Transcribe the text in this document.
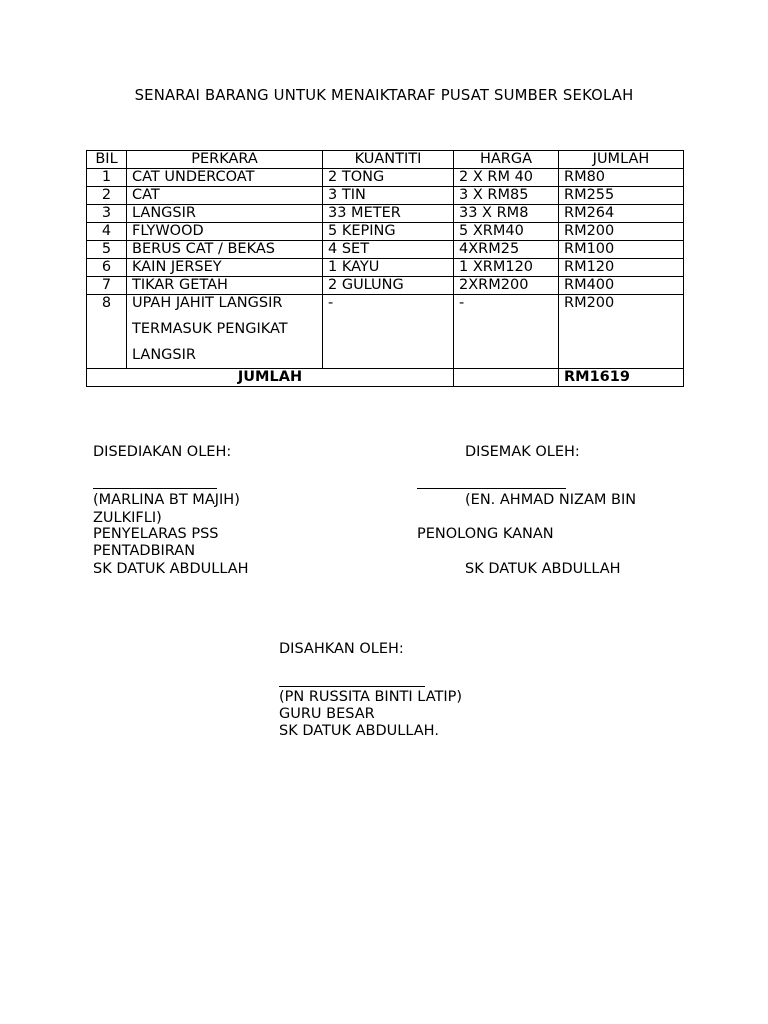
SENARAI BARANG UNTUK MENAIKTARAF PUSAT SUMBER SEKOLAH
BIL	PERKARA	KUANTITI	HARGA	JUMLAH
1	CAT UNDERCOAT	2 TONG	2 X RM 40	RM80
2	CAT	3 TIN	3 X RM85	RM255
3	LANGSIR	33 METER	33 X RM8	RM264
4	FLYWOOD	5 KEPING	5 XRM40	RM200
5	BERUS CAT / BEKAS	4 SET	4XRM25	RM100
6	KAIN JERSEY	1 KAYU	1 XRM120	RM120
7	TIKAR GETAH	2 GULUNG	2XRM200	RM400
8	UPAH JAHIT LANGSIR
TERMASUK PENGIKAT
LANGSIR	-	-	RM200
JUMLAH				RM1619
DISEDIAKAN OLEH:
(MARLINA BT MAJIH)
ZULKIFLI)
PENYELARAS PSS
PENTADBIRAN
SK DATUK ABDULLAH
DISEMAK OLEH:
(EN. AHMAD NIZAM BIN
PENOLONG KANAN
SK DATUK ABDULLAH
DISAHKAN OLEH:
(PN RUSSITA BINTI LATIP)
GURU BESAR
SK DATUK ABDULLAH.
